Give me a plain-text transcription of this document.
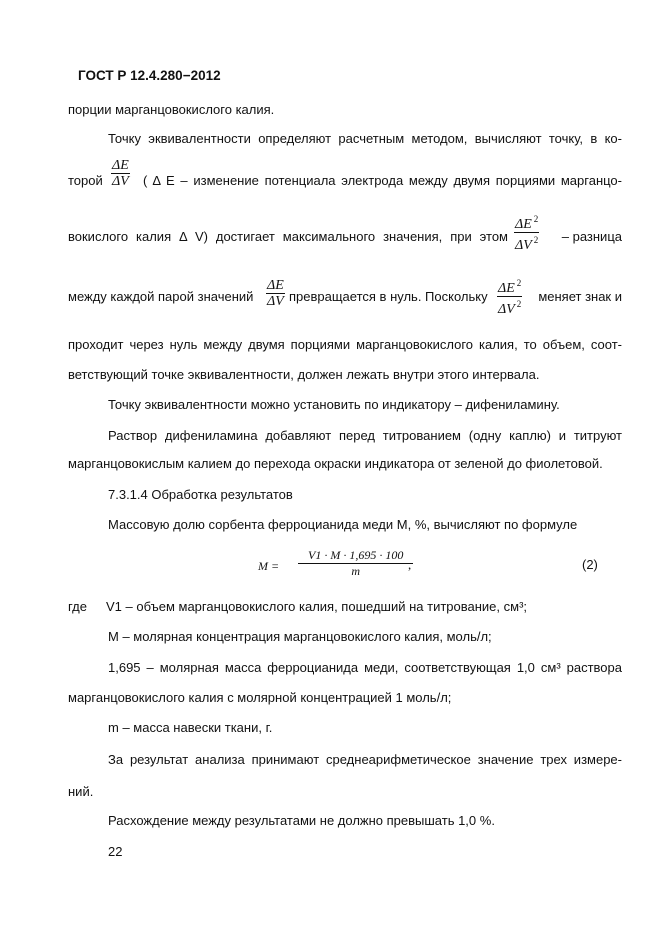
ГОСТ Р 12.4.280−2012
порции марганцовокислого калия.
Точку эквивалентности определяют расчетным методом, вычисляют точку, в ко-
торой $\frac{\Delta E}{\Delta V}$ ( Δ E – изменение потенциала электрода между двумя порциями марганцо-
вокислого калия Δ V) достигает максимального значения, при этом $\frac{\Delta E ^2}{\Delta V ^2}$	– разница
между каждой парой значений $\frac{\Delta E}{\Delta V}$ превращается в нуль. Поскольку $\frac{\Delta E ^2}{\Delta V ^2}$ меняет знак и
проходит через нуль между двумя порциями марганцовокислого калия, то объем, соот-
ветствующий точке эквивалентности, должен лежать внутри этого интервала.
Точку эквивалентности можно установить по индикатору – дифениламину.
Раствор дифениламина добавляют перед титрованием (одну каплю) и титруют
марганцовокислым калием до перехода окраски индикатора от зеленой до фиолетовой.
7.3.1.4 Обработка результатов
Массовую долю сорбента ферроцианида меди M, %, вычисляют по формуле
$M = \frac{V1 \cdot M \cdot 1,695 \cdot 100}{m}$
,	(2)
где V1 – объем марганцовокислого калия, пошедший на титрование, см³;
M – молярная концентрация марганцовокислого калия, моль/л;
1,695 – молярная масса ферроцианида меди, соответствующая 1,0 см³ раствора
марганцовокислого калия с молярной концентрацией 1 моль/л;
m – масса навески ткани, г.
За результат анализа принимают среднеарифметическое значение трех измере-
ний.
Расхождение между результатами не должно превышать 1,0 %.
22
